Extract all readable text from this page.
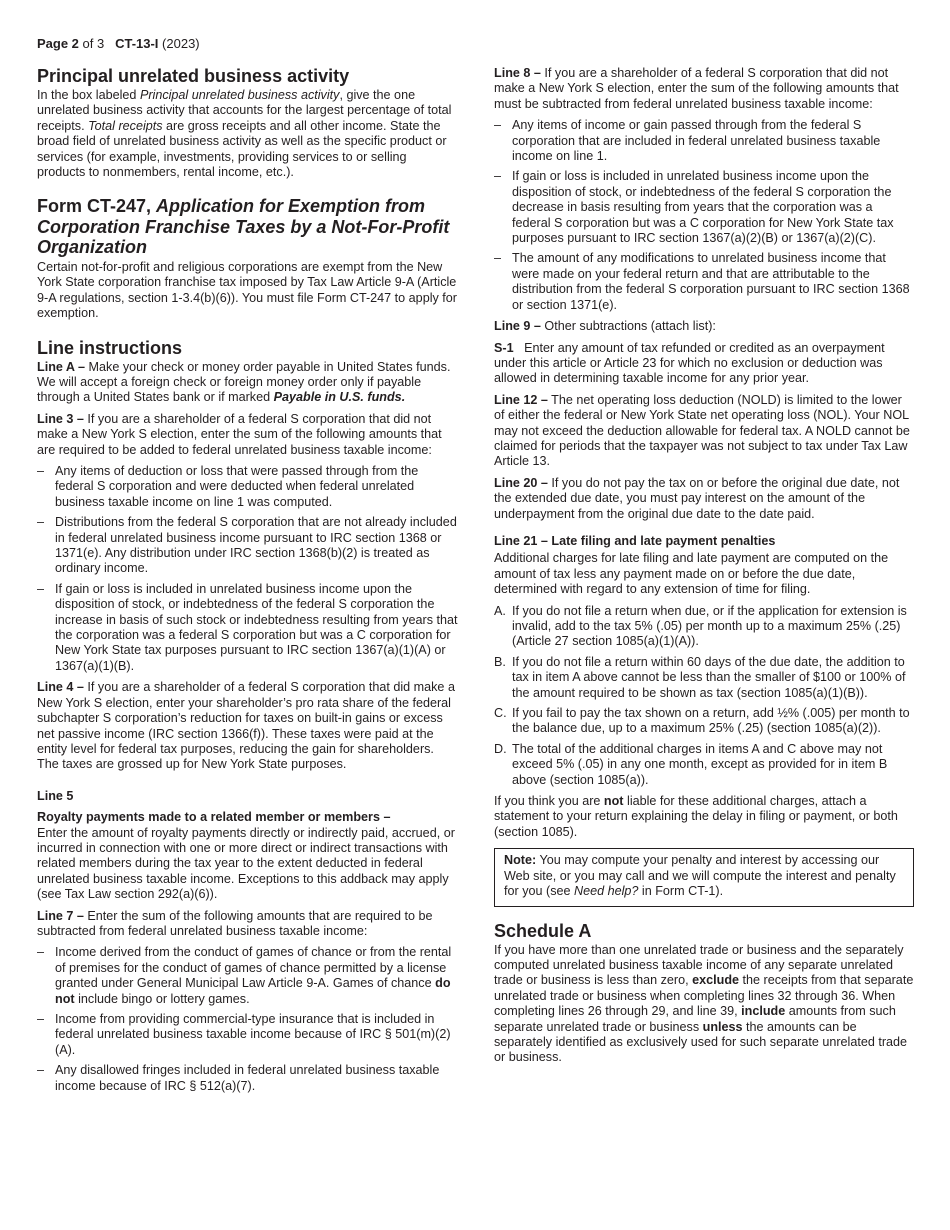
Page 2 of 3 CT-13-I (2023)
Principal unrelated business activity

In the box labeled Principal unrelated business activity, give the one unrelated business activity that accounts for the largest percentage of total receipts. Total receipts are gross receipts and all other income. State the broad field of unrelated business activity as well as the specific product or services (for example, investments, providing services to or selling products to nonmembers, rental income, etc.).

Form CT-247, Application for Exemption from Corporation Franchise Taxes by a Not-For-Profit Organization

Certain not-for-profit and religious corporations are exempt from the New York State corporation franchise tax imposed by Tax Law Article 9-A (Article 9-A regulations, section 1-3.4(b)(6)). You must file Form CT-247 to apply for exemption.

Line instructions

Line A – Make your check or money order payable in United States funds. We will accept a foreign check or foreign money order only if payable through a United States bank or if marked Payable in U.S. funds.

Line 3 – If you are a shareholder of a federal S corporation that did not make a New York S election, enter the sum of the following amounts that are required to be added to federal unrelated business taxable income:

– Any items of deduction or loss that were passed through from the federal S corporation and were deducted when federal unrelated business taxable income on line 1 was computed.
– Distributions from the federal S corporation that are not already included in federal unrelated business income pursuant to IRC section 1368 or 1371(e). Any distribution under IRC section 1368(b)(2) is treated as ordinary income.
– If gain or loss is included in unrelated business income upon the disposition of stock, or indebtedness of the federal S corporation the increase in basis of such stock or indebtedness resulting from years that the corporation was a federal S corporation but was a C corporation for New York State tax purposes pursuant to IRC section 1367(a)(1)(A) or 1367(a)(1)(B).

Line 4 – If you are a shareholder of a federal S corporation that did make a New York S election, enter your shareholder’s pro rata share of the federal subchapter S corporation’s reduction for taxes on built-in gains or excess net passive income (IRC section 1366(f)). These taxes were paid at the entity level for federal tax purposes, reducing the gain for shareholders. The taxes are grossed up for New York State purposes.

Line 5

Royalty payments made to a related member or members –
Enter the amount of royalty payments directly or indirectly paid, accrued, or incurred in connection with one or more direct or indirect transactions with related members during the tax year to the extent deducted in federal unrelated business taxable income. Exceptions to this addback may apply (see Tax Law section 292(a)(6)).

Line 7 – Enter the sum of the following amounts that are required to be subtracted from federal unrelated business taxable income:

– Income derived from the conduct of games of chance or from the rental of premises for the conduct of games of chance permitted by a license granted under General Municipal Law Article 9-A. Games of chance do not include bingo or lottery games.
– Income from providing commercial-type insurance that is included in federal unrelated business taxable income because of IRC § 501(m)(2)(A).
– Any disallowed fringes included in federal unrelated business taxable income because of IRC § 512(a)(7).

Line 8 – If you are a shareholder of a federal S corporation that did not make a New York S election, enter the sum of the following amounts that must be subtracted from federal unrelated business taxable income:

– Any items of income or gain passed through from the federal S corporation that are included in federal unrelated business taxable income on line 1.
– If gain or loss is included in unrelated business income upon the disposition of stock, or indebtedness of the federal S corporation the decrease in basis resulting from years that the corporation was a federal S corporation but was a C corporation for New York State tax purposes pursuant to IRC section 1367(a)(2)(B) or 1367(a)(2)(C).
– The amount of any modifications to unrelated business income that were made on your federal return and that are attributable to the distribution from the federal S corporation pursuant to IRC section 1368 or section 1371(e).

Line 9 – Other subtractions (attach list):

S-1   Enter any amount of tax refunded or credited as an overpayment under this article or Article 23 for which no exclusion or deduction was allowed in determining taxable income for any prior year.

Line 12 – The net operating loss deduction (NOLD) is limited to the lower of either the federal or New York State net operating loss (NOL). Your NOL may not exceed the deduction allowable for federal tax. A NOLD cannot be claimed for periods that the taxpayer was not subject to tax under Tax Law Article 13.

Line 20 – If you do not pay the tax on or before the original due date, not the extended due date, you must pay interest on the amount of the underpayment from the original due date to the date paid.

Line 21 – Late filing and late payment penalties

Additional charges for late filing and late payment are computed on the amount of tax less any payment made on or before the due date, determined with regard to any extension of time for filing.

A. If you do not file a return when due, or if the application for extension is invalid, add to the tax 5% (.05) per month up to a maximum 25% (.25) (Article 27 section 1085(a)(1)(A)).
B. If you do not file a return within 60 days of the due date, the addition to tax in item A above cannot be less than the smaller of $100 or 100% of the amount required to be shown as tax (section 1085(a)(1)(B)).
C. If you fail to pay the tax shown on a return, add ½% (.005) per month to the balance due, up to a maximum 25% (.25) (section 1085(a)(2)).
D. The total of the additional charges in items A and C above may not exceed 5% (.05) in any one month, except as provided for in item B above (section 1085(a)).

If you think you are not liable for these additional charges, attach a statement to your return explaining the delay in filing or payment, or both (section 1085).

Note: You may compute your penalty and interest by accessing our Web site, or you may call and we will compute the interest and penalty for you (see Need help? in Form CT-1).
Schedule A

If you have more than one unrelated trade or business and the separately computed unrelated business taxable income of any separate unrelated trade or business is less than zero, exclude the receipts from that separate unrelated trade or business when completing lines 32 through 36. When completing lines 26 through 29, and line 39, include amounts from such separate unrelated trade or business unless the amounts can be separately identified as exclusively used for such separate unrelated trade or business.
